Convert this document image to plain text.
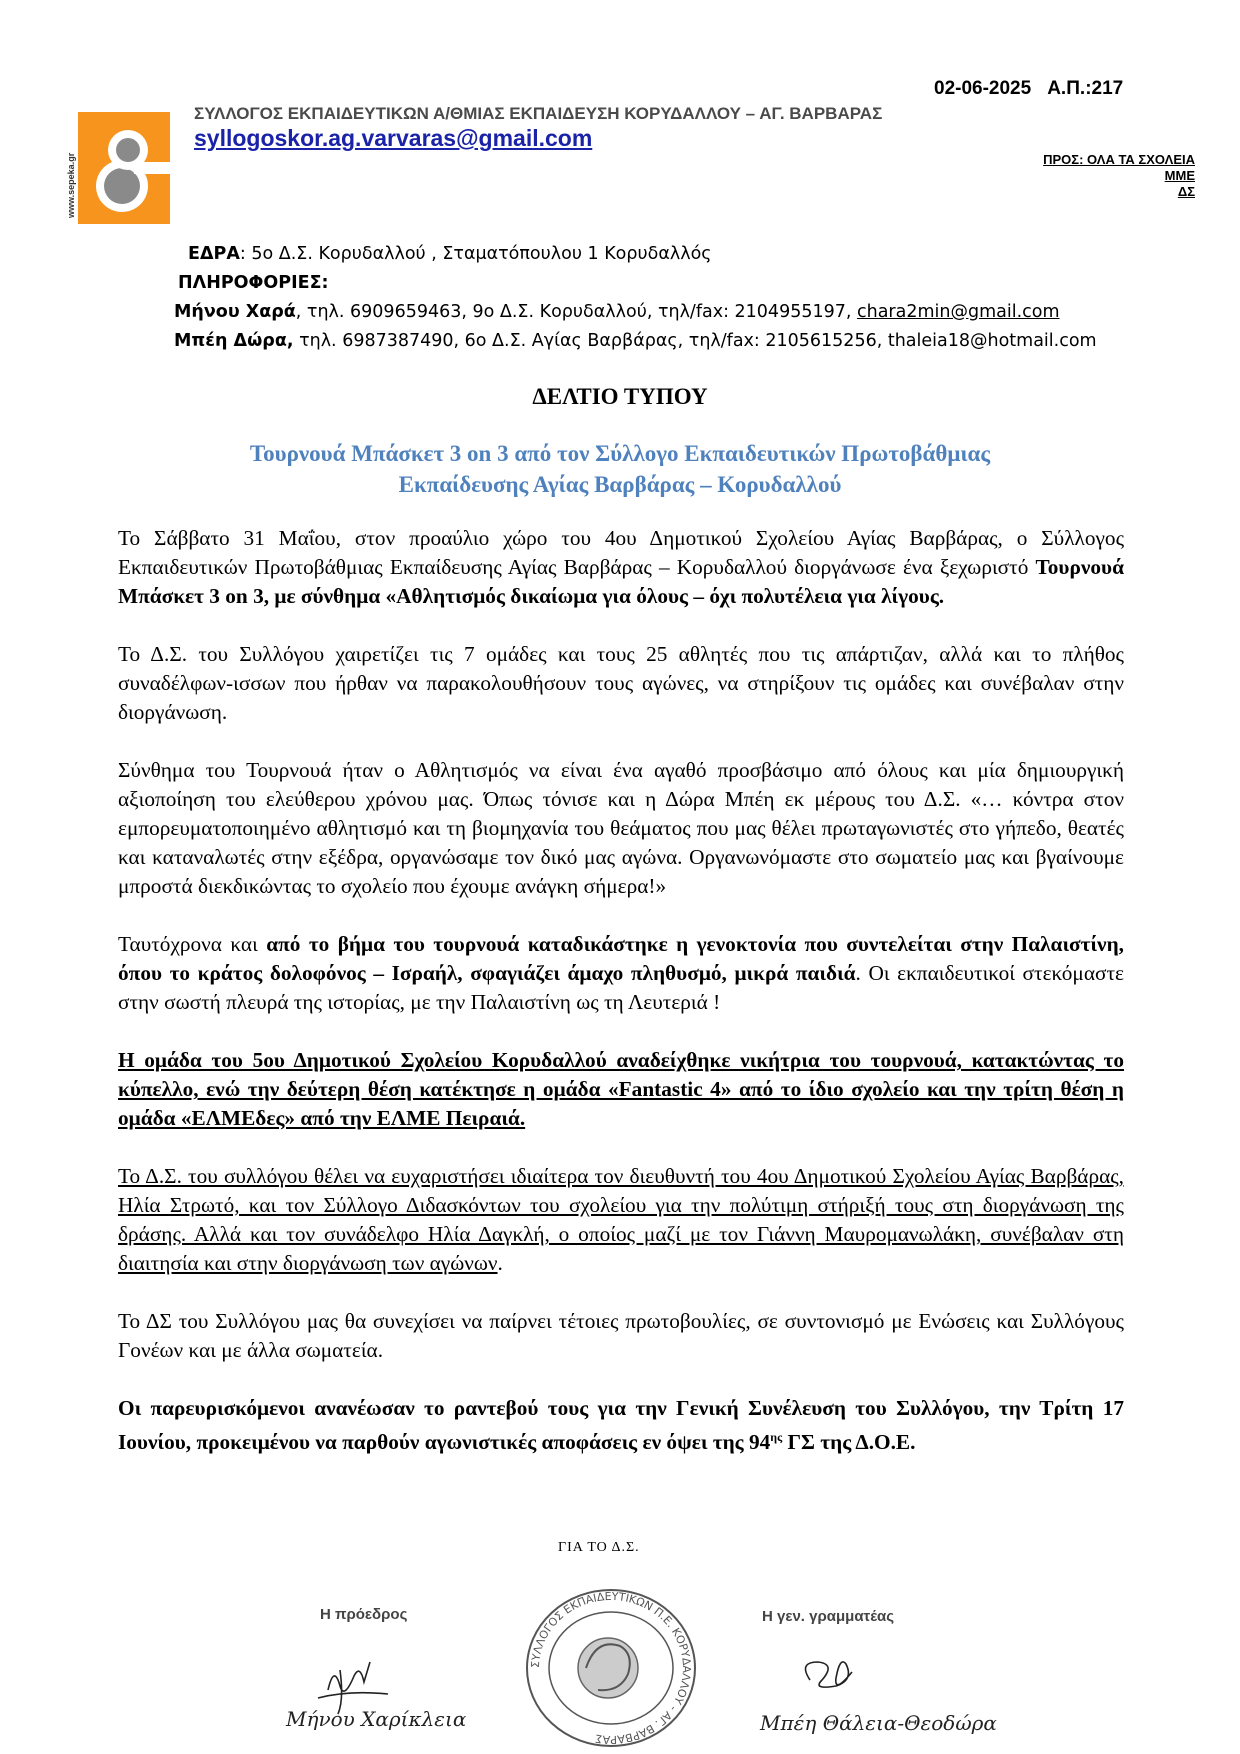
02-06-2025 Α.Π.:217
www.sepeka.gr
ΣΥΛΛΟΓΟΣ ΕΚΠΑΙΔΕΥΤΙΚΩΝ Α/ΘΜΙΑΣ ΕΚΠΑΙΔΕΥΣΗ ΚΟΡΥΔΑΛΛΟΥ – ΑΓ. ΒΑΡΒΑΡΑΣ
syllogoskor.ag.varvaras@gmail.com
ΠΡΟΣ: ΟΛΑ ΤΑ ΣΧΟΛΕΙΑ
ΜΜΕ
ΔΣ
ΕΔΡΑ: 5ο Δ.Σ. Κορυδαλλού , Σταματόπουλου 1 Κορυδαλλός
ΠΛΗΡΟΦΟΡΙΕΣ:
Μήνου Χαρά, τηλ. 6909659463, 9ο Δ.Σ. Κορυδαλλού, τηλ/fax: 2104955197, chara2min@gmail.com
Μπέη Δώρα, τηλ. 6987387490, 6ο Δ.Σ. Αγίας Βαρβάρας, τηλ/fax: 2105615256, thaleia18@hotmail.com
ΔΕΛΤΙΟ ΤΥΠΟΥ
Τουρνουά Μπάσκετ 3 on 3 από τον Σύλλογο Εκπαιδευτικών Πρωτοβάθμιας
Εκπαίδευσης Αγίας Βαρβάρας – Κορυδαλλού

Το Σάββατο 31 Μαΐου, στον προαύλιο χώρο του 4ου Δημοτικού Σχολείου Αγίας Βαρβάρας, ο Σύλλογος Εκπαιδευτικών Πρωτοβάθμιας Εκπαίδευσης Αγίας Βαρβάρας – Κορυδαλλού διοργάνωσε ένα ξεχωριστό Τουρνουά Μπάσκετ 3 on 3, με σύνθημα «Αθλητισμός δικαίωμα για όλους – όχι πολυτέλεια για λίγους.

Το Δ.Σ. του Συλλόγου χαιρετίζει τις 7 ομάδες και τους 25 αθλητές που τις απάρτιζαν, αλλά και το πλήθος συναδέλφων-ισσων που ήρθαν να παρακολουθήσουν τους αγώνες, να στηρίξουν τις ομάδες και συνέβαλαν στην διοργάνωση.

Σύνθημα του Τουρνουά ήταν ο Αθλητισμός να είναι ένα αγαθό προσβάσιμο από όλους και μία δημιουργική αξιοποίηση του ελεύθερου χρόνου μας. Όπως τόνισε και η Δώρα Μπέη εκ μέρους του Δ.Σ. «… κόντρα στον εμπορευματοποιημένο αθλητισμό και τη βιομηχανία του θεάματος που μας θέλει πρωταγωνιστές στο γήπεδο, θεατές και καταναλωτές στην εξέδρα, οργανώσαμε τον δικό μας αγώνα. Οργανωνόμαστε στο σωματείο μας και βγαίνουμε μπροστά διεκδικώντας το σχολείο που έχουμε ανάγκη σήμερα!»

Ταυτόχρονα και από το βήμα του τουρνουά καταδικάστηκε η γενοκτονία που συντελείται στην Παλαιστίνη, όπου το κράτος δολοφόνος – Ισραήλ, σφαγιάζει άμαχο πληθυσμό, μικρά παιδιά. Οι εκπαιδευτικοί στεκόμαστε στην σωστή πλευρά της ιστορίας, με την Παλαιστίνη ως τη Λευτεριά !

Η ομάδα του 5ου Δημοτικού Σχολείου Κορυδαλλού αναδείχθηκε νικήτρια του τουρνουά, κατακτώντας το κύπελλο, ενώ την δεύτερη θέση κατέκτησε η ομάδα «Fantastic 4» από το ίδιο σχολείο και την τρίτη θέση η ομάδα «ΕΛΜΕδες» από την ΕΛΜΕ Πειραιά.

Το Δ.Σ. του συλλόγου θέλει να ευχαριστήσει ιδιαίτερα τον διευθυντή του 4ου Δημοτικού Σχολείου Αγίας Βαρβάρας, Ηλία Στρωτό, και τον Σύλλογο Διδασκόντων του σχολείου για την πολύτιμη στήριξή τους στη διοργάνωση της δράσης. Αλλά και τον συνάδελφο Ηλία Δαγκλή, ο οποίος μαζί με τον Γιάννη Μαυρομανωλάκη, συνέβαλαν στη διαιτησία και στην διοργάνωση των αγώνων.

Το ΔΣ του Συλλόγου μας θα συνεχίσει να παίρνει τέτοιες πρωτοβουλίες, σε συντονισμό με Ενώσεις και Συλλόγους Γονέων και με άλλα σωματεία.

Οι παρευρισκόμενοι ανανέωσαν το ραντεβού τους για την Γενική Συνέλευση του Συλλόγου, την Τρίτη 17 Ιουνίου, προκειμένου να παρθούν αγωνιστικές αποφάσεις εν όψει της $94^{\eta\varsigma}$ ΓΣ της Δ.Ο.Ε.

ΓΙΑ ΤΟ Δ.Σ.
Η πρόεδρος	Η γεν. γραμματέας
Μήνου Χαρίκλεια
ΣΥΛΛΟΓΟΣ ΕΚΠΑΙΔΕΥΤΙΚΩΝ Π.Ε. ΚΟΡΥΔΑΛΛΟΥ - ΑΓ. ΒΑΡΒΑΡΑΣ
Μπέη Θάλεια-Θεοδώρα
